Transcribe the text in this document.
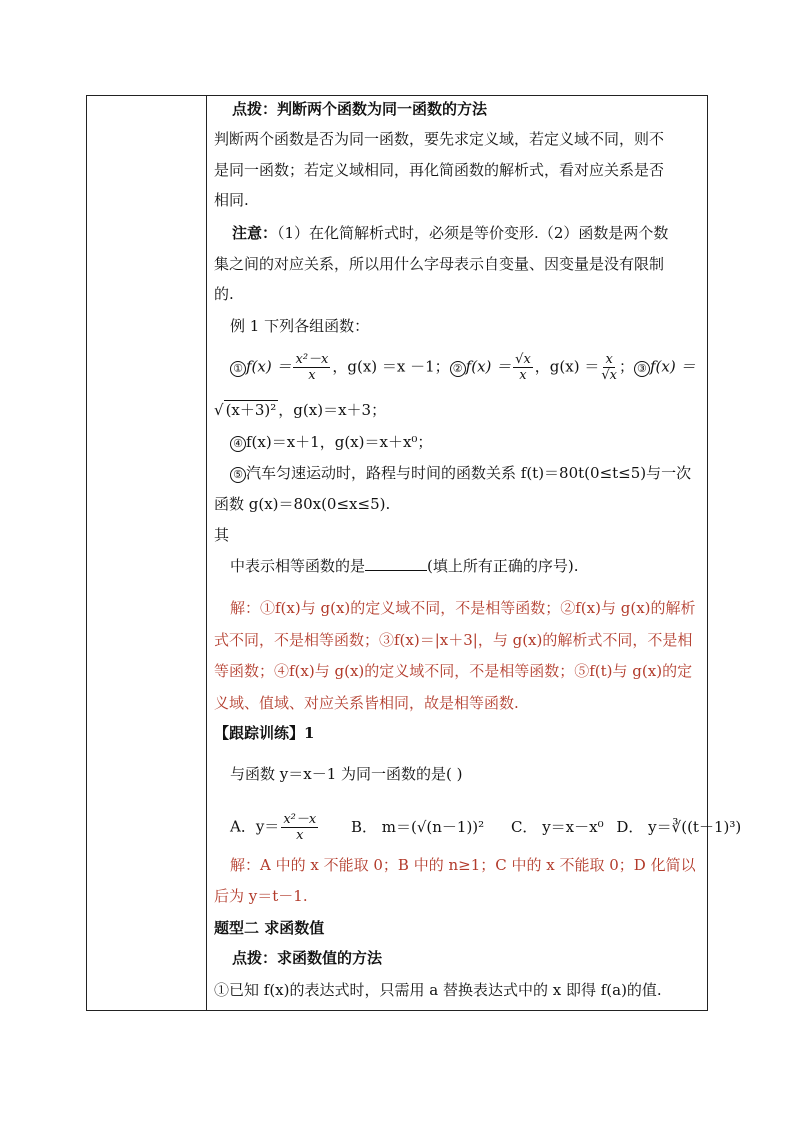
点拨：判断两个函数为同一函数的方法
判断两个函数是否为同一函数，要先求定义域，若定义域不同，则不
是同一函数；若定义域相同，再化简函数的解析式，看对应关系是否
相同.
注意：（1）在化简解析式时，必须是等价变形.（2）函数是两个数
集之间的对应关系，所以用什么字母表示自变量、因变量是没有限制
的.
例 1 下列各组函数：
① $f(x) = \frac{\text{x²－x}}{x}$ ，g(x) ＝x －1； ② $f(x) = \frac{√x}{x}$ ，$g(x) = \frac{x}{√x}$ ； ③ f(x) ＝
√ (x＋3)² ，g(x)＝x＋3；
④ f(x)＝x＋1，g(x)＝x＋x⁰；
⑤ 汽车匀速运动时，路程与时间的函数关系 f(t)＝80t(0≤t≤5)与一次
函数 g(x)＝80x(0≤x≤5).
其
中表示相等函数的是	(填上所有正确的序号).
解：①f(x)与 g(x)的定义域不同，不是相等函数；②f(x)与 g(x)的解析
式不同，不是相等函数；③f(x)＝|x＋3|，与 g(x)的解析式不同，不是相
等函数；④f(x)与 g(x)的定义域不同，不是相等函数；⑤f(t)与 g(x)的定
义域、值域、对应关系皆相同，故是相等函数.
【跟踪训练】1
与函数 y＝x－1 为同一函数的是( )
A．$y= \frac{\text{x²－x}}{x}$ B． m＝(√(n－1))² C． y＝x－x⁰ D． y＝∛((t－1)³)
解：A 中的 x 不能取 0；B 中的 n≥1；C 中的 x 不能取 0；D 化简以
后为 y＝t－1.
题型二 求函数值
点拨：求函数值的方法
①已知 f(x)的表达式时，只需用 a 替换表达式中的 x 即得 f(a)的值.
